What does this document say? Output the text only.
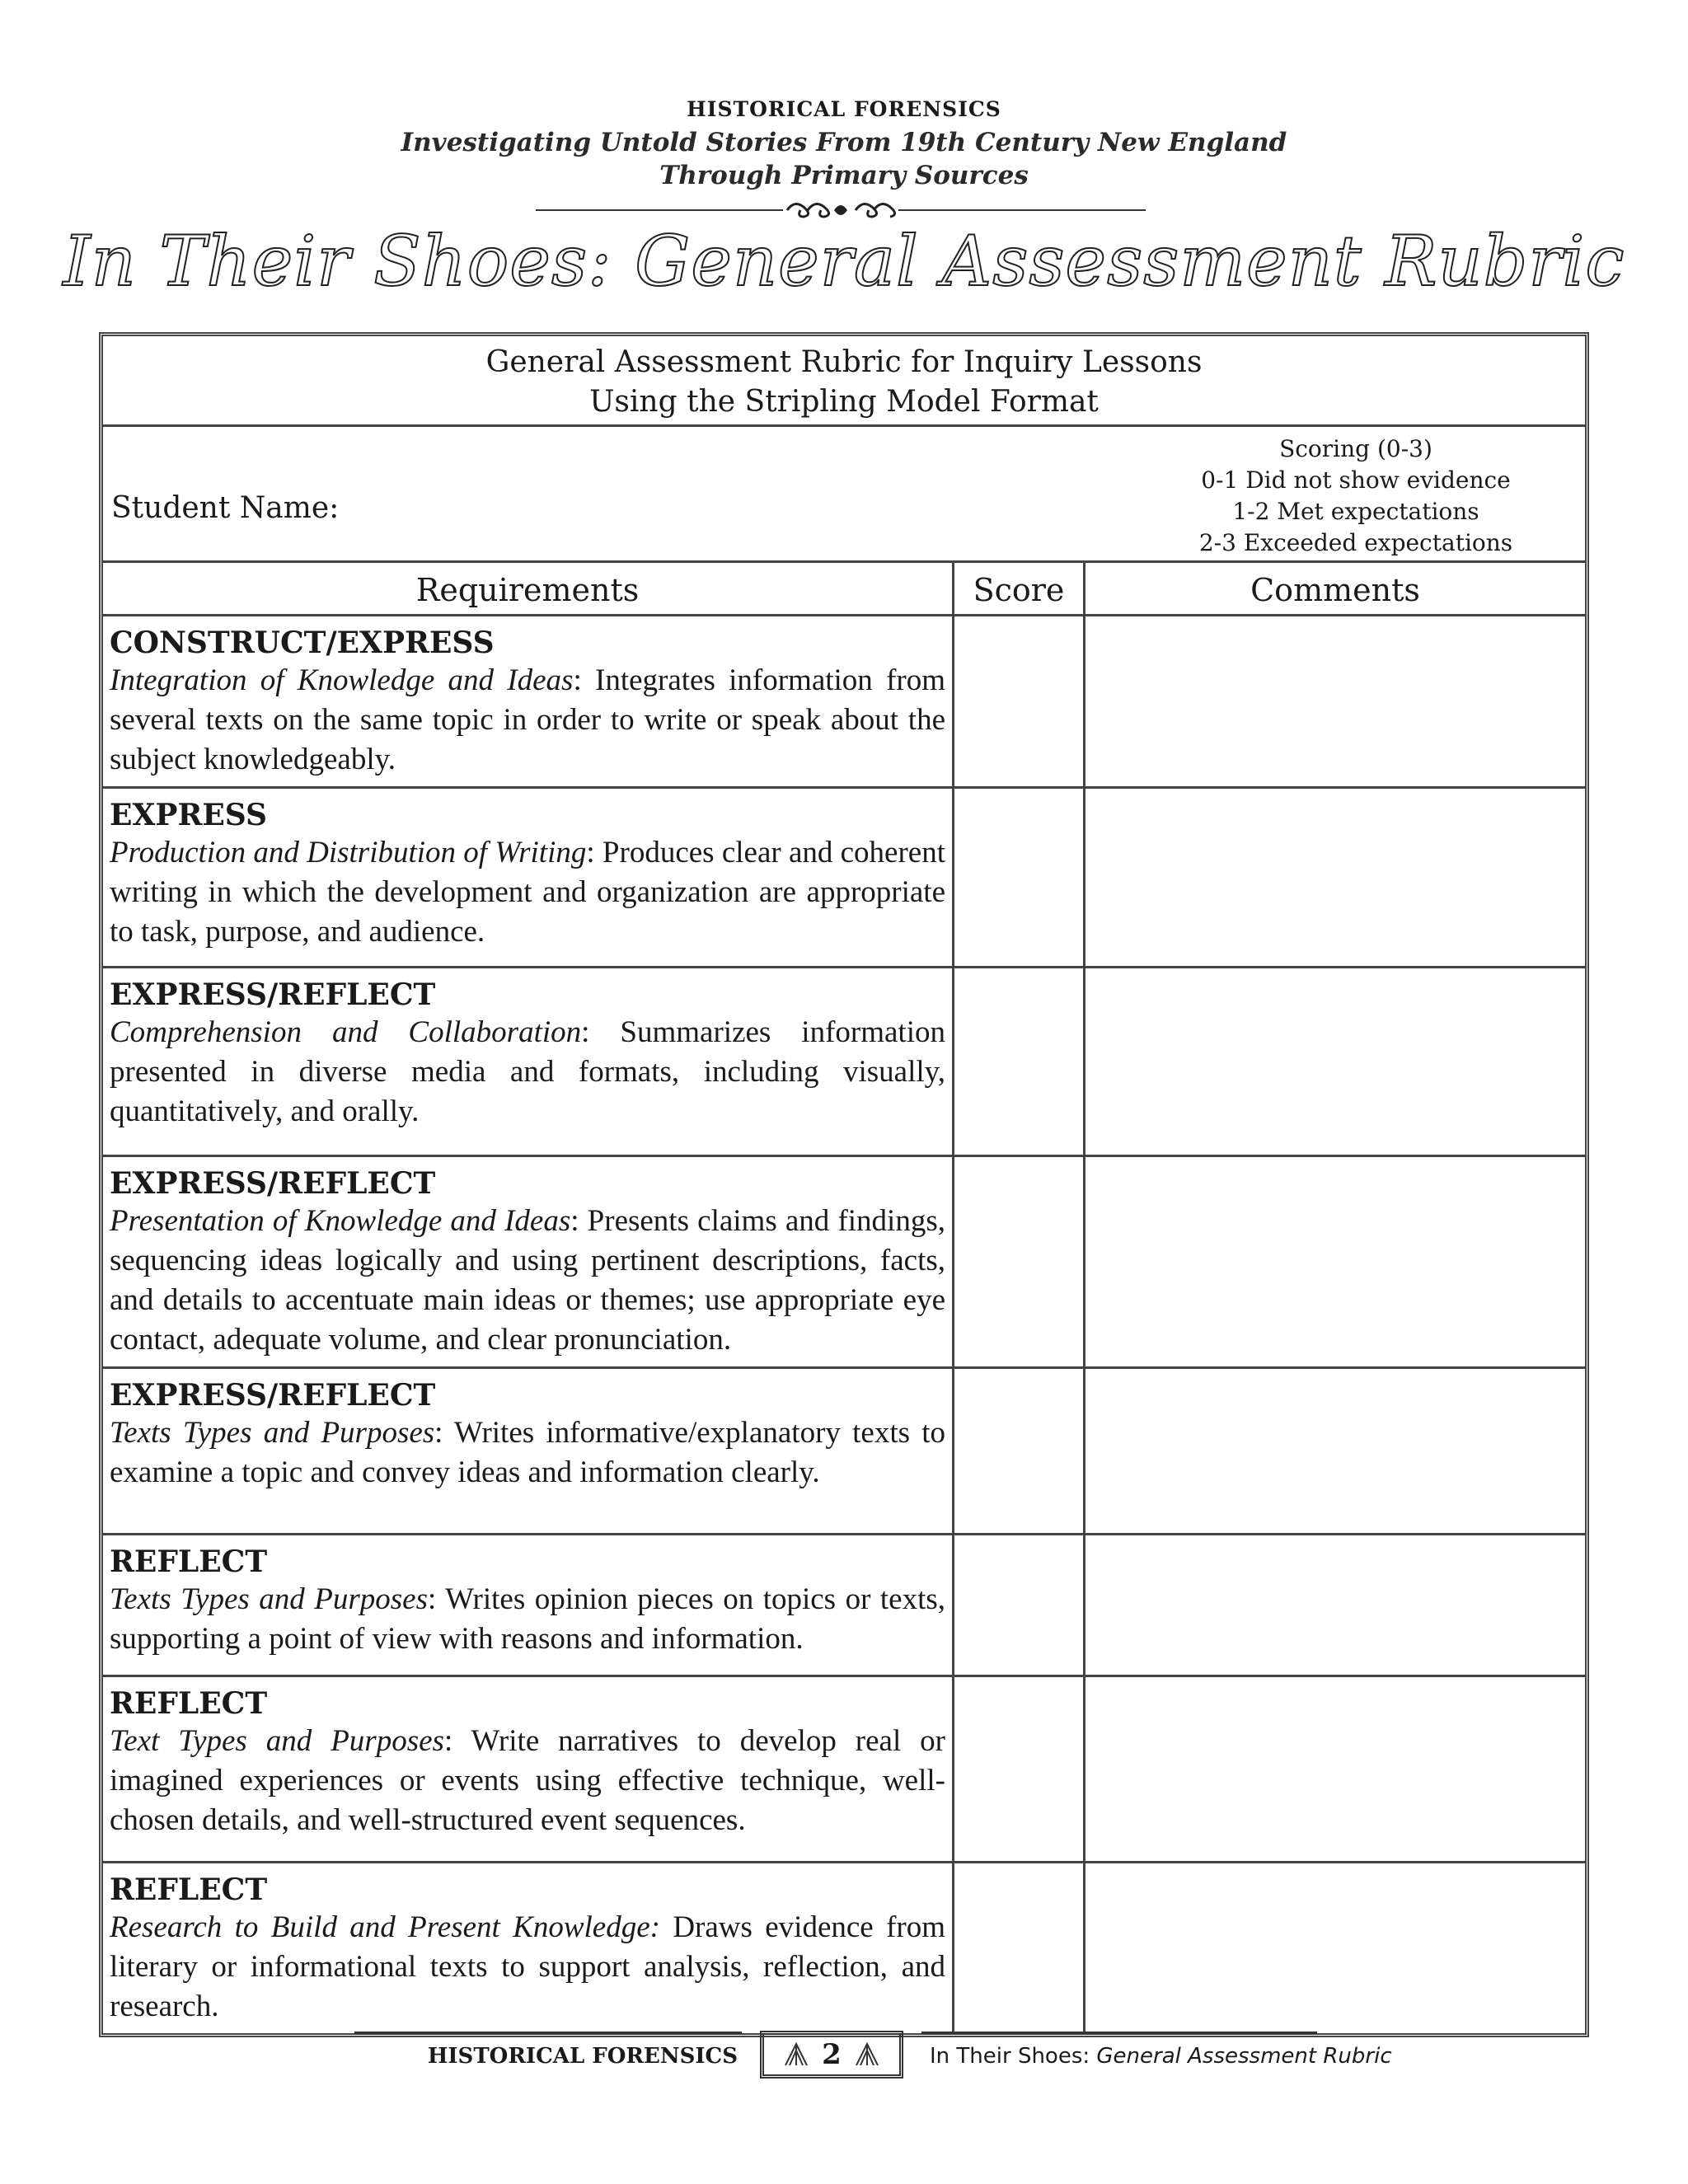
HISTORICAL FORENSICS
Investigating Untold Stories From 19th Century New England
Through Primary Sources
In Their Shoes: General Assessment Rubric
General Assessment Rubric for Inquiry Lessons
Using the Stripling Model Format
Student Name:
Scoring (0-3)
0-1 Did not show evidence
1-2 Met expectations
2-3 Exceeded expectations
Requirements	Score	Comments
CONSTRUCT/EXPRESS
Integration of Knowledge and Ideas: Integrates information from several texts on the same topic in order to write or speak about the subject knowledgeably.
EXPRESS
Production and Distribution of Writing: Produces clear and coherent writing in which the development and organization are appropriate to task, purpose, and audience.
EXPRESS/REFLECT
Comprehension and Collaboration: Summarizes information presented in diverse media and formats, including visually, quantitatively, and orally.
EXPRESS/REFLECT
Presentation of Knowledge and Ideas: Presents claims and findings, sequencing ideas logically and using pertinent descriptions, facts, and details to accentuate main ideas or themes; use appropriate eye contact, adequate volume, and clear pronunciation.
EXPRESS/REFLECT
Texts Types and Purposes: Writes informative/explanatory texts to examine a topic and convey ideas and information clearly.
REFLECT
Texts Types and Purposes: Writes opinion pieces on topics or texts, supporting a point of view with reasons and information.
REFLECT
Text Types and Purposes: Write narratives to develop real or imagined experiences or events using effective technique, well-chosen details, and well-structured event sequences.
REFLECT
Research to Build and Present Knowledge: Draws evidence from literary or informational texts to support analysis, reflection, and research.
HISTORICAL FORENSICS	2	In Their Shoes: General Assessment Rubric
